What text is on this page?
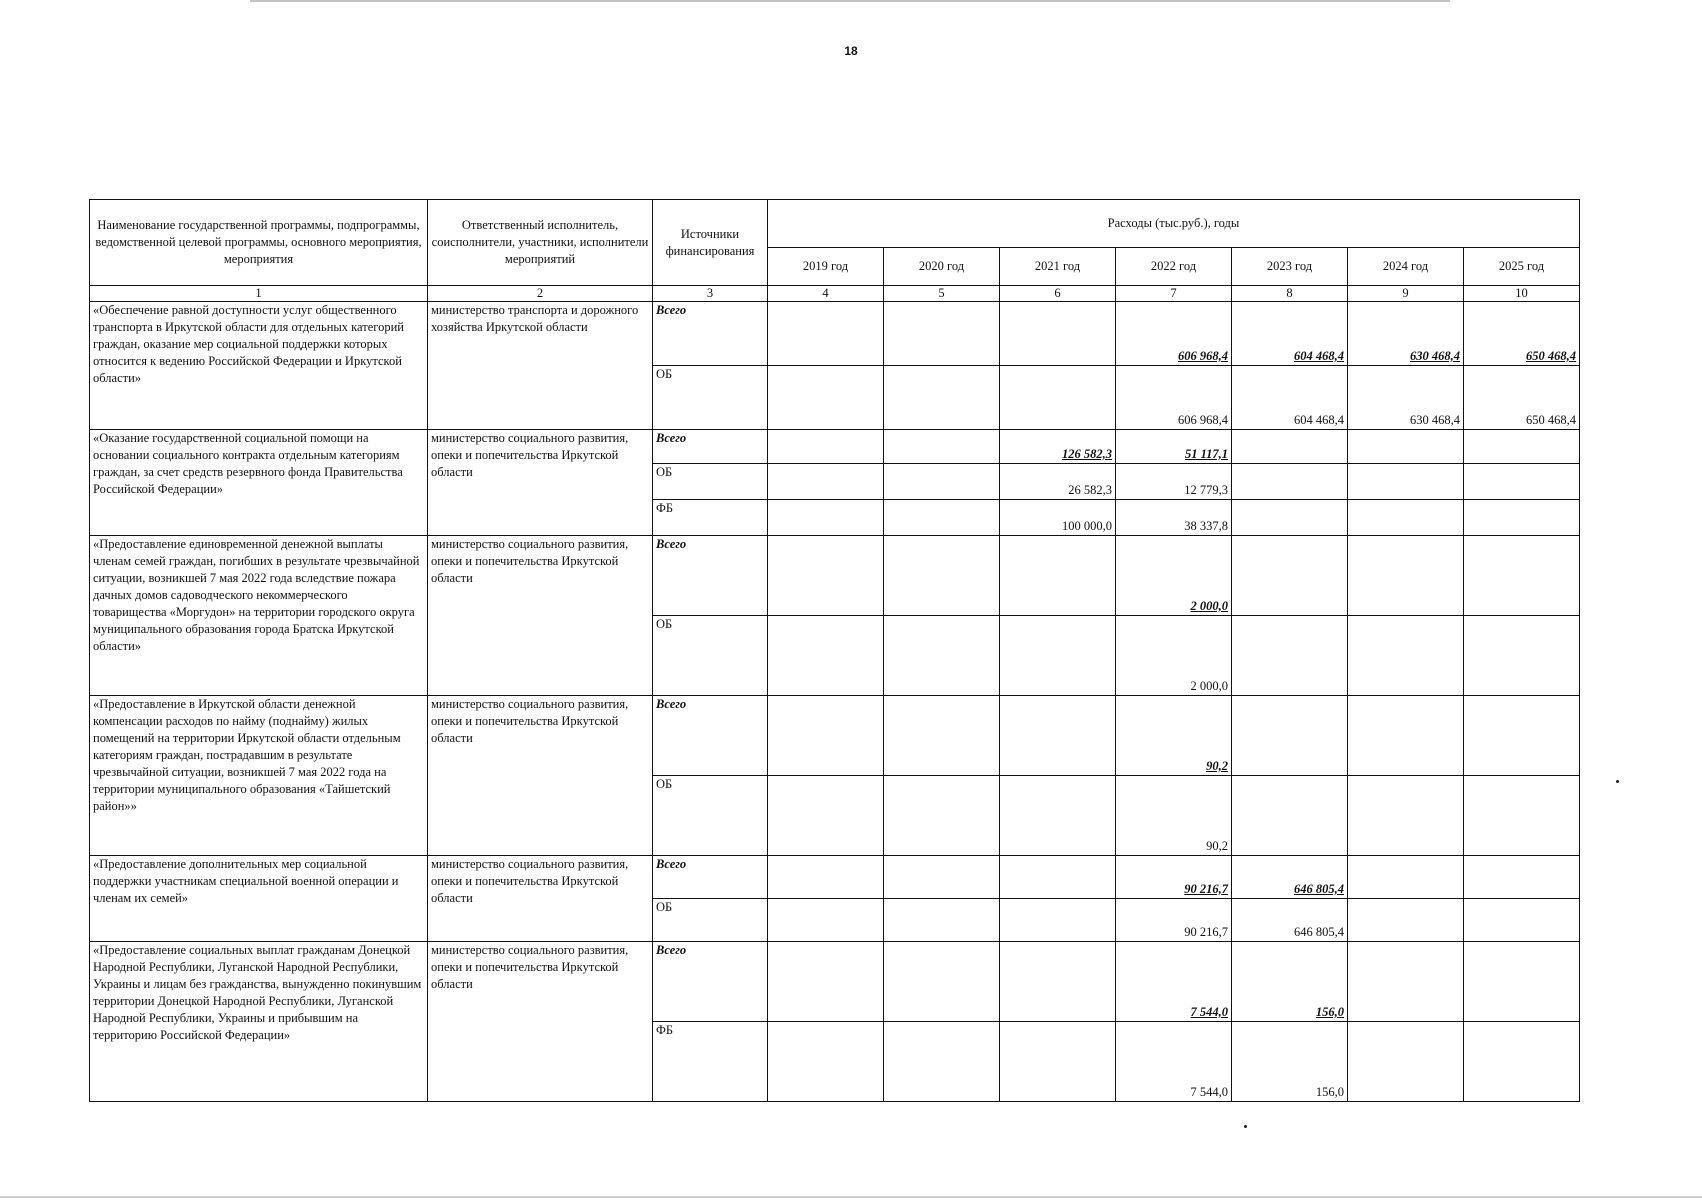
18
Наименование государственной программы, подпрограммы, ведомственной целевой программы, основного мероприятия, мероприятия	Ответственный исполнитель, соисполнители, участники, исполнители мероприятий	Источники финансирования	Расходы (тыс.руб.), годы						
			2019 год	2020 год	2021 год	2022 год	2023 год	2024 год	2025 год
1	2	3	4	5	6	7	8	9	10
«Обеспечение равной доступности услуг общественного транспорта в Иркутской области для отдельных категорий граждан, оказание мер социальной поддержки которых относится к ведению Российской Федерации и Иркутской области»	министерство транспорта и дорожного хозяйства Иркутской области	Всего				606 968,4	604 468,4	630 468,4	650 468,4
		ОБ				606 968,4	604 468,4	630 468,4	650 468,4
«Оказание государственной социальной помощи на основании социального контракта отдельным категориям граждан, за счет средств резервного фонда Правительства Российской Федерации»	министерство социального развития, опеки и попечительства Иркутской области	Всего			126 582,3	51 117,1			
		ОБ			26 582,3	12 779,3			
		ФБ			100 000,0	38 337,8			
«Предоставление единовременной денежной выплаты членам семей граждан, погибших в результате чрезвычайной ситуации, возникшей 7 мая 2022 года вследствие пожара дачных домов садоводческого некоммерческого товарищества «Моргудон» на территории городского округа муниципального образования города Братска Иркутской области»	министерство социального развития, опеки и попечительства Иркутской области	Всего				2 000,0			
		ОБ				2 000,0			
«Предоставление в Иркутской области денежной компенсации расходов по найму (поднайму) жилых помещений на территории Иркутской области отдельным категориям граждан, пострадавшим в результате чрезвычайной ситуации, возникшей 7 мая 2022 года на территории муниципального образования «Тайшетский район»»	министерство социального развития, опеки и попечительства Иркутской области	Всего				90,2			
		ОБ				90,2			
«Предоставление дополнительных мер социальной поддержки участникам специальной военной операции и членам их семей»	министерство социального развития, опеки и попечительства Иркутской области	Всего				90 216,7	646 805,4		
		ОБ				90 216,7	646 805,4		
«Предоставление социальных выплат гражданам Донецкой Народной Республики, Луганской Народной Республики, Украины и лицам без гражданства, вынужденно покинувшим территории Донецкой Народной Республики, Луганской Народной Республики, Украины и прибывшим на территорию Российской Федерации»	министерство социального развития, опеки и попечительства Иркутской области	Всего				7 544,0	156,0		
		ФБ				7 544,0	156,0		
